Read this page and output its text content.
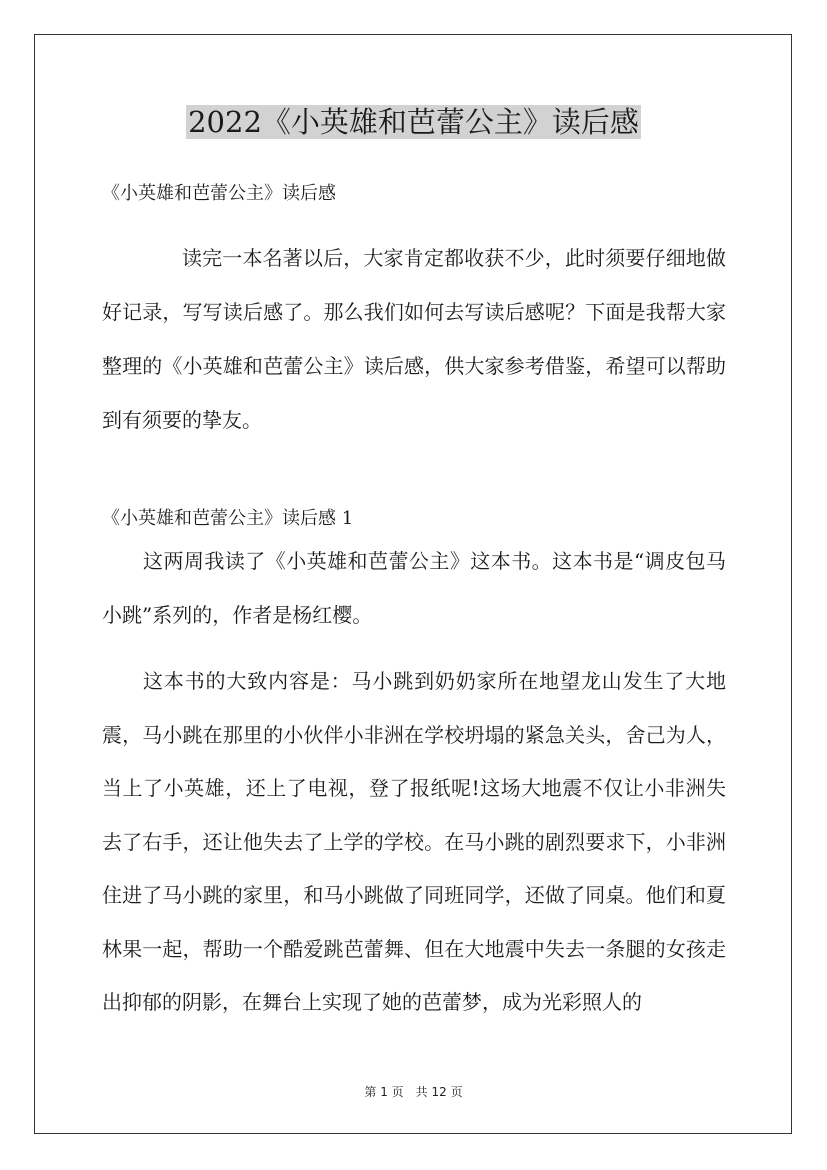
2022《小英雄和芭蕾公主》读后感
《小英雄和芭蕾公主》读后感

读完一本名著以后，大家肯定都收获不少，此时须要仔细地做好记录，写写读后感了。那么我们如何去写读后感呢？下面是我帮大家整理的《小英雄和芭蕾公主》读后感，供大家参考借鉴，希望可以帮助到有须要的挚友。

《小英雄和芭蕾公主》读后感 1

这两周我读了《小英雄和芭蕾公主》这本书。这本书是“调皮包马小跳”系列的，作者是杨红樱。

这本书的大致内容是：马小跳到奶奶家所在地望龙山发生了大地震，马小跳在那里的小伙伴小非洲在学校坍塌的紧急关头，舍己为人，当上了小英雄，还上了电视，登了报纸呢!这场大地震不仅让小非洲失去了右手，还让他失去了上学的学校。在马小跳的剧烈要求下，小非洲住进了马小跳的家里，和马小跳做了同班同学，还做了同桌。他们和夏林果一起，帮助一个酷爱跳芭蕾舞、但在大地震中失去一条腿的女孩走出抑郁的阴影，在舞台上实现了她的芭蕾梦，成为光彩照人的

第 1 页　共 12 页
